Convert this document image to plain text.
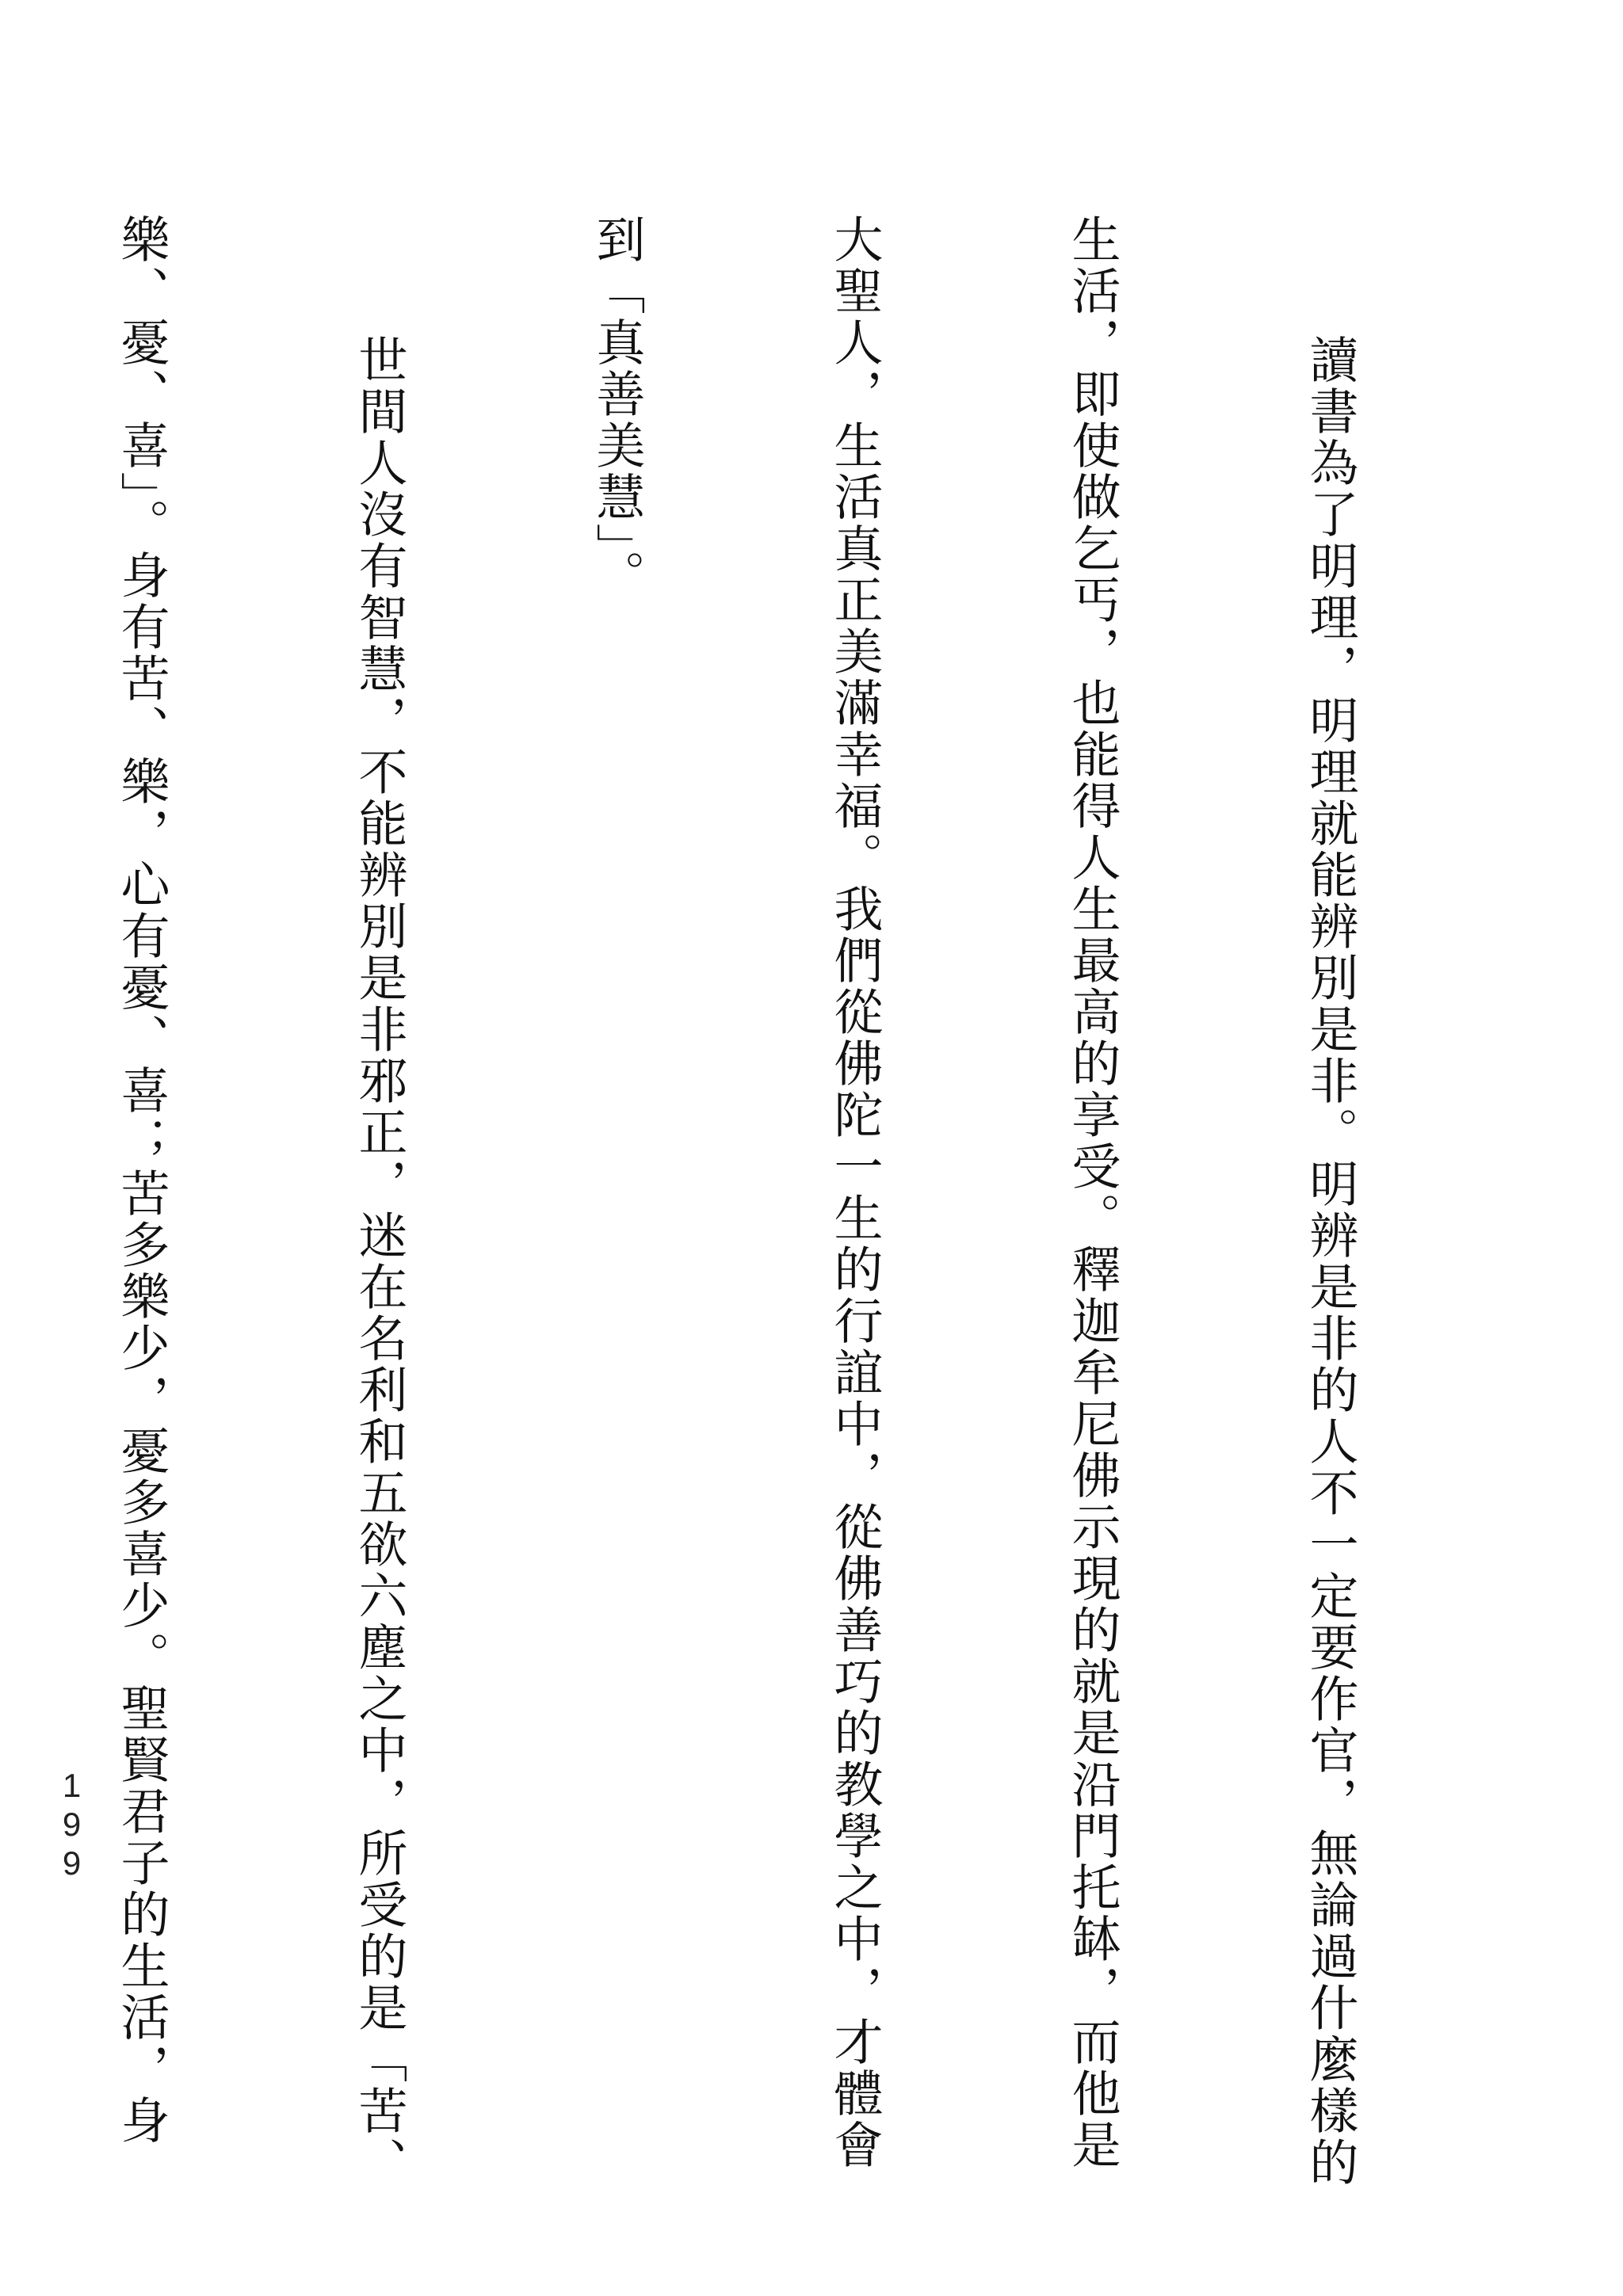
讀書為了明理，明理就能辨別是非。明辨是非的人不一定要作官，無論過什麼樣的

生活，即使做乞丐，也能得人生最高的享受。釋迦牟尼佛示現的就是沿門托缽，而他是

大聖人，生活真正美滿幸福。我們從佛陀一生的行誼中，從佛善巧的教學之中，才體會

到「真善美慧」。

世間人沒有智慧，不能辨別是非邪正，迷在名利和五欲六塵之中，所受的是「苦、

樂、憂、喜」。身有苦、樂，心有憂、喜；苦多樂少，憂多喜少。聖賢君子的生活，身

199
